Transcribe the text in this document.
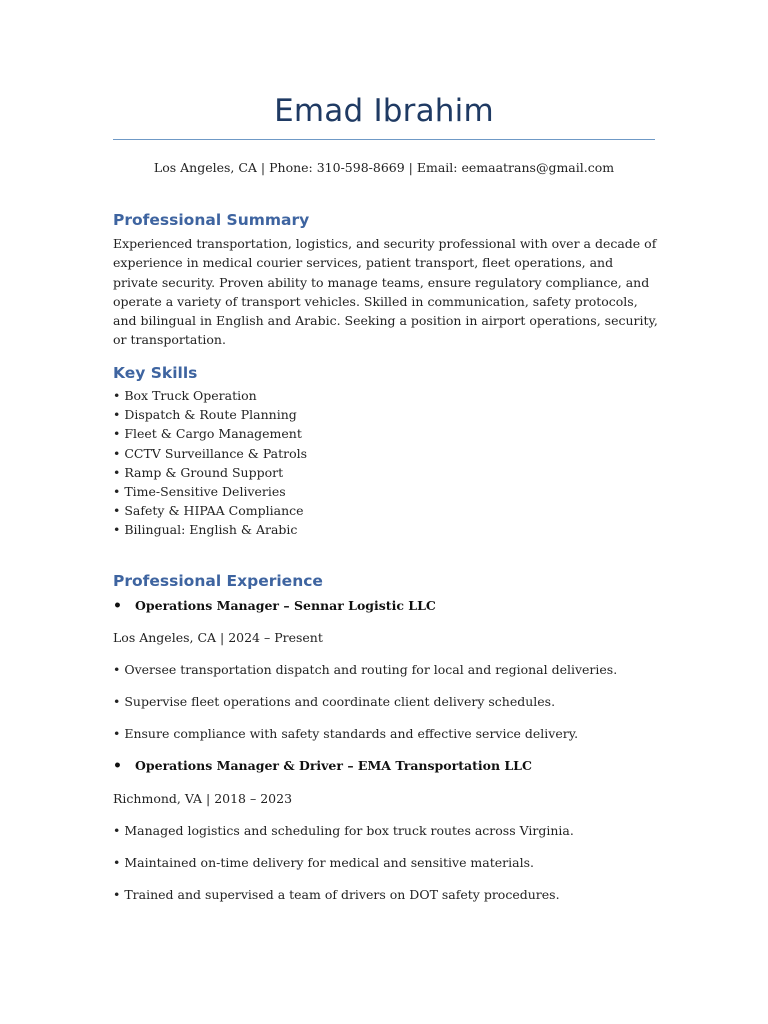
Emad Ibrahim
Los Angeles, CA | Phone: 310-598-8669 | Email: eemaatrans@gmail.com
Professional Summary
Experienced transportation, logistics, and security professional with over a decade of experience in medical courier services, patient transport, fleet operations, and private security. Proven ability to manage teams, ensure regulatory compliance, and operate a variety of transport vehicles. Skilled in communication, safety protocols, and bilingual in English and Arabic. Seeking a position in airport operations, security, or transportation.
Key Skills
• Box Truck Operation
• Dispatch & Route Planning
• Fleet & Cargo Management
• CCTV Surveillance & Patrols
• Ramp & Ground Support
• Time-Sensitive Deliveries
• Safety & HIPAA Compliance
• Bilingual: English & Arabic
Professional Experience
• Operations Manager – Sennar Logistic LLC
Los Angeles, CA | 2024 – Present
• Oversee transportation dispatch and routing for local and regional deliveries.
• Supervise fleet operations and coordinate client delivery schedules.
• Ensure compliance with safety standards and effective service delivery.
• Operations Manager & Driver – EMA Transportation LLC
Richmond, VA | 2018 – 2023
• Managed logistics and scheduling for box truck routes across Virginia.
• Maintained on-time delivery for medical and sensitive materials.
• Trained and supervised a team of drivers on DOT safety procedures.
